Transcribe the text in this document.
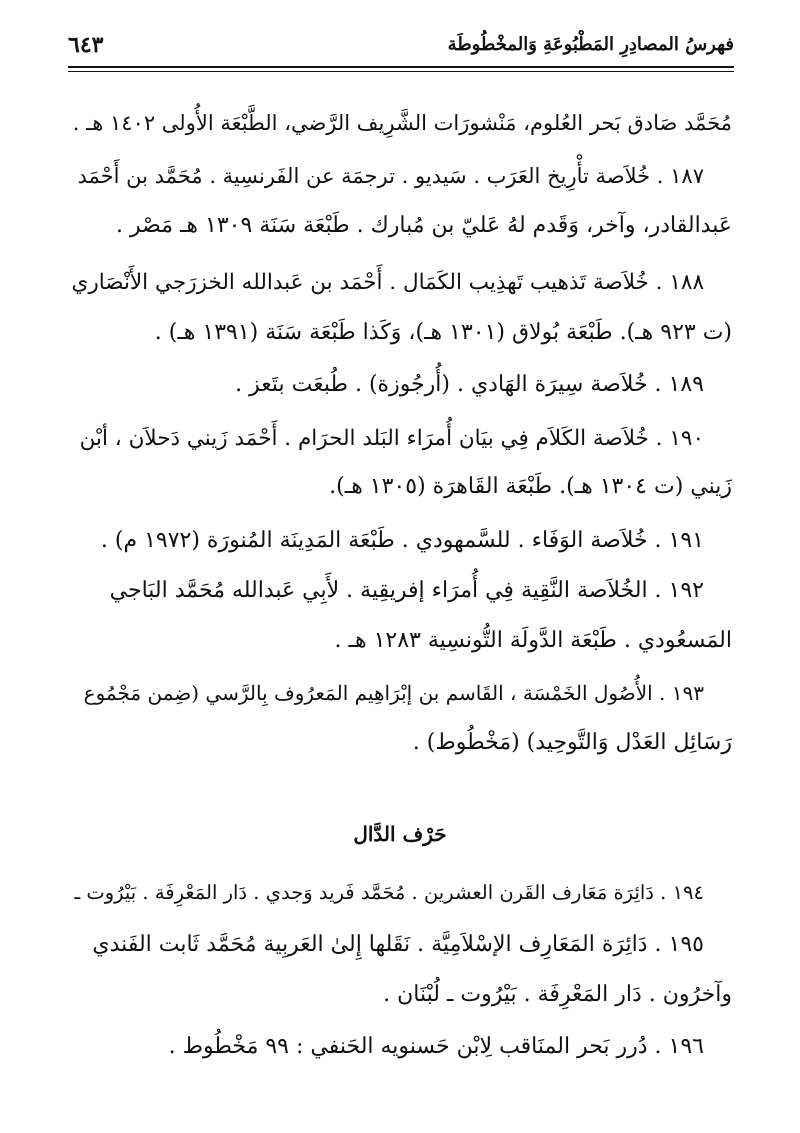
فهرسُ المصادِرِ المَطْبُوعَةِ وَالمخْطُوطَة
٦٤٣
مُحَمَّد صَادق بَحر العُلوم، مَنْشورَات الشَّرِيف الرَّضي، الطَّبْعَة الأُولى ١٤٠٢ هـ .
١٨٧ . خُلاَصة تأْرِيخ العَرَب . سَيديو . ترجمَة عن الفَرنسِية . مُحَمَّد بن أَحْمَد
عَبدالقادر، وآخر، وَقَدم لهُ عَليّ بن مُبارك . طَبْعَة سَنَة ١٣٠٩ هـ مَصْر .
١٨٨ . خُلاَصة تَذهيب تَهذِيب الكَمَال . أَحْمَد بن عَبدالله الخزرَجي الأَنْصَاري
(ت ٩٢٣ هـ). طَبْعَة بُولاق (١٣٠١ هـ)، وَكَذا طَبْعَة سَنَة (١٣٩١ هـ) .
١٨٩ . خُلاَصة سِيرَة الهَادي . (أُرجُوزة) . طُبعَت بتَعز .
١٩٠ . خُلاَصة الكَلاَم فِي بيَان أُمرَاء البَلد الحرَام . أَحْمَد زَيني دَحلاَن ، أبْن
زَيني (ت ١٣٠٤ هـ). طَبْعَة القَاهرَة (١٣٠٥ هـ).
١٩١ . خُلاَصة الوَفَاء . للسَّمهودي . طَبْعَة المَدِينَة المُنورَة (١٩٧٢ م) .
١٩٢ . الخُلاَصة النَّقِية فِي أُمرَاء إفريقِية . لأَبِي عَبدالله مُحَمَّد البَاجي
المَسعُودي . طَبْعَة الدَّولَة التُّونسِية ١٢٨٣ هـ .
١٩٣ . الأُصُول الخَمْسَة ، القَاسم بن إبْرَاهِيم المَعرُوف بِالرَّسي (ضِمن مَجْمُوع
رَسَائِل العَدْل وَالتَّوحِيد) (مَخْطُوط) .
حَرْف الدَّال
١٩٤ . دَائِرَة مَعَارف القَرن العشرين . مُحَمَّد فَريد وَجدي . دَار المَعْرِفَة . بَيْرُوت ـ
١٩٥ . دَائِرَة المَعَارِف الإسْلاَمِيَّة . نَقَلها إِلىٰ العَربِية مُحَمَّد ثَابت الفَندي
وآخرُون . دَار المَعْرِفَة . بَيْرُوت ـ لُبْنَان .
١٩٦ . دُرر بَحر المنَاقب لِابْن حَسنويه الحَنفي : ٩٩ مَخْطُوط .
